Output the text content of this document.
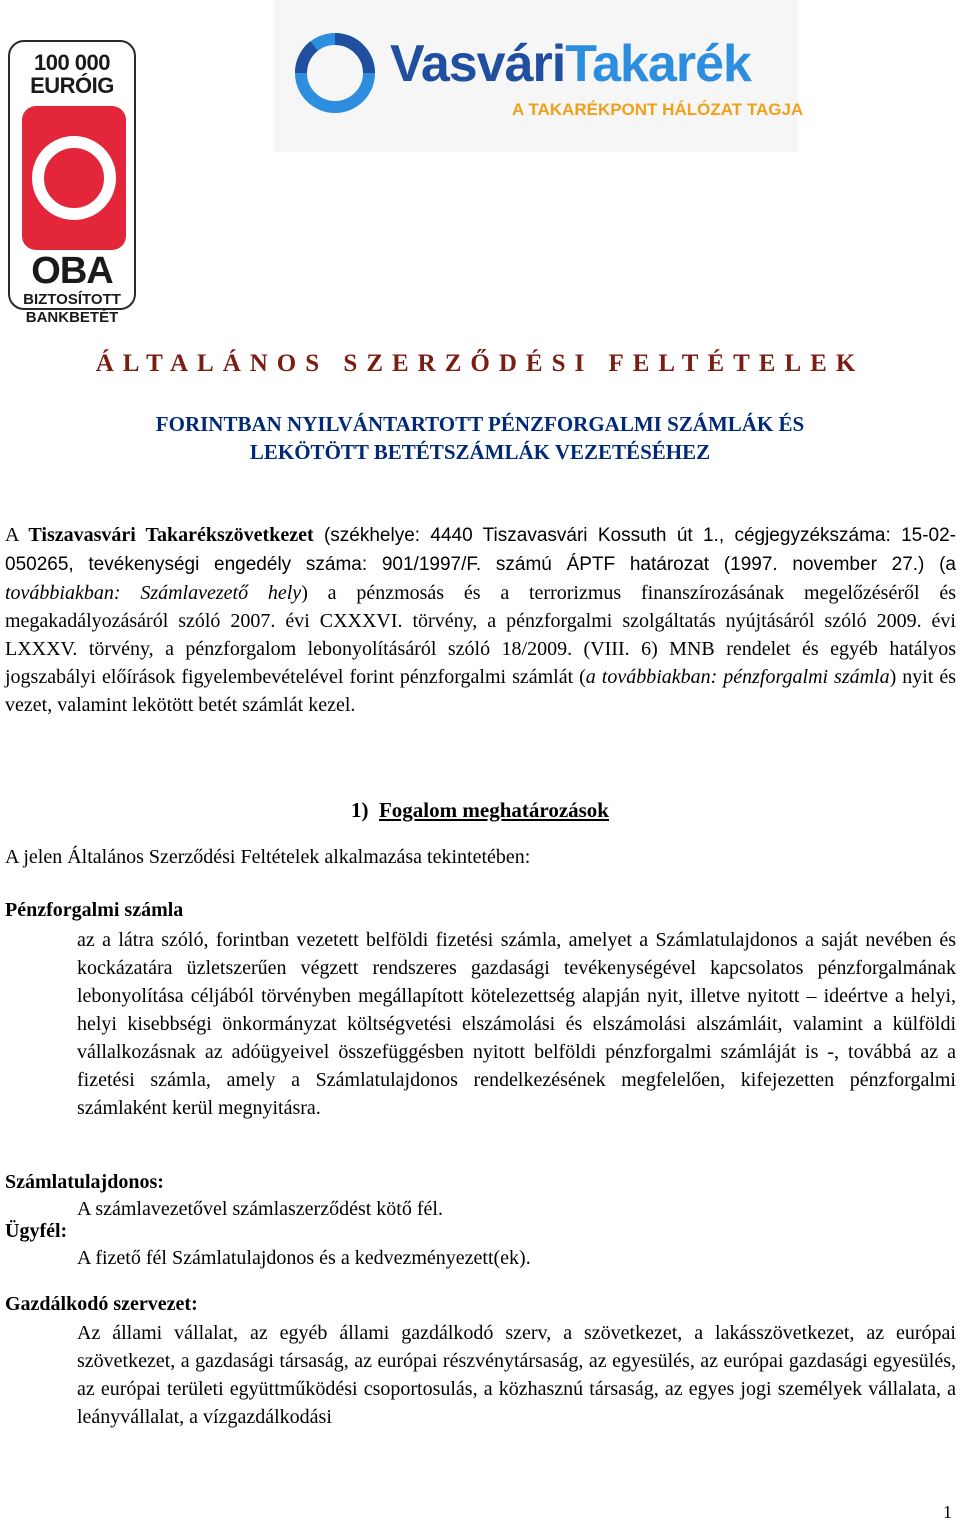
100 000
EURÓIG
OBA
BIZTOSÍTOTT
BANKBETÉT
VasváriTakarék
A TAKARÉKPONT HÁLÓZAT TAGJA
ÁLTALÁNOS SZERZŐDÉSI FELTÉTELEK
FORINTBAN NYILVÁNTARTOTT PÉNZFORGALMI SZÁMLÁK ÉS
LEKÖTÖTT BETÉTSZÁMLÁK VEZETÉSÉHEZ
A Tiszavasvári Takarékszövetkezet (székhelye: 4440 Tiszavasvári Kossuth út 1., cégjegyzékszáma: 15-02-050265, tevékenységi engedély száma: 901/1997/F. számú ÁPTF határozat (1997. november 27.) (a továbbiakban: Számlavezető hely) a pénzmosás és a terrorizmus finanszírozásának megelőzéséről és megakadályozásáról szóló 2007. évi CXXXVI. törvény, a pénzforgalmi szolgáltatás nyújtásáról szóló 2009. évi LXXXV. törvény, a pénzforgalom lebonyolításáról szóló 18/2009. (VIII. 6) MNB rendelet és egyéb hatályos jogszabályi előírások figyelembevételével forint pénzforgalmi számlát (a továbbiakban: pénzforgalmi számla) nyit és vezet, valamint lekötött betét számlát kezel.
1) Fogalom meghatározások
A jelen Általános Szerződési Feltételek alkalmazása tekintetében:
Pénzforgalmi számla
az a látra szóló, forintban vezetett belföldi fizetési számla, amelyet a Számlatulajdonos a saját nevében és kockázatára üzletszerűen végzett rendszeres gazdasági tevékenységével kapcsolatos pénzforgalmának lebonyolítása céljából törvényben megállapított kötelezettség alapján nyit, illetve nyitott – ideértve a helyi, helyi kisebbségi önkormányzat költségvetési elszámolási és elszámolási alszámláit, valamint a külföldi vállalkozásnak az adóügyeivel összefüggésben nyitott belföldi pénzforgalmi számláját is -, továbbá az a fizetési számla, amely a Számlatulajdonos rendelkezésének megfelelően, kifejezetten pénzforgalmi számlaként kerül megnyitásra.
Számlatulajdonos:
A számlavezetővel számlaszerződést kötő fél.
Ügyfél:
A fizető fél Számlatulajdonos és a kedvezményezett(ek).
Gazdálkodó szervezet:
Az állami vállalat, az egyéb állami gazdálkodó szerv, a szövetkezet, a lakásszövetkezet, az európai szövetkezet, a gazdasági társaság, az európai részvénytársaság, az egyesülés, az európai gazdasági egyesülés, az európai területi együttműködési csoportosulás, a közhasznú társaság, az egyes jogi személyek vállalata, a leányvállalat, a vízgazdálkodási
1
